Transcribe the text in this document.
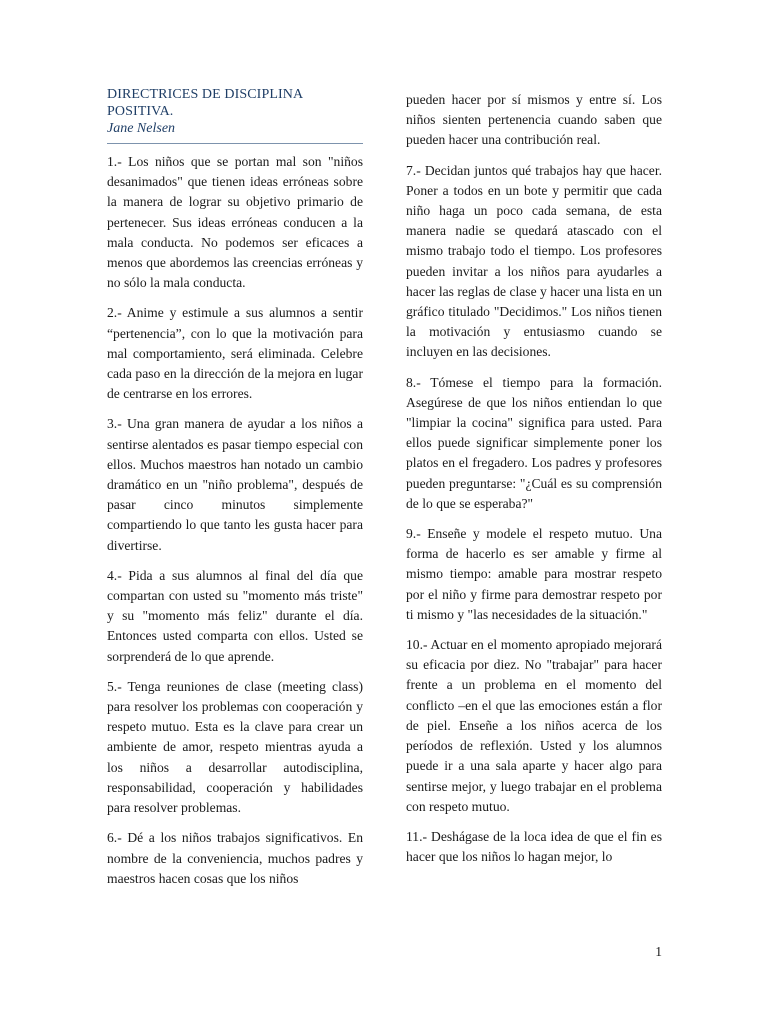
DIRECTRICES DE DISCIPLINA POSITIVA.
Jane Nelsen

1.- Los niños que se portan mal son "niños desanimados" que tienen ideas erróneas sobre la manera de lograr su objetivo primario de pertenecer. Sus ideas erróneas conducen a la mala conducta. No podemos ser eficaces a menos que abordemos las creencias erróneas y no sólo la mala conducta.

2.- Anime y estimule a sus alumnos a sentir “pertenencia”, con lo que la motivación para mal comportamiento, será eliminada. Celebre cada paso en la dirección de la mejora en lugar de centrarse en los errores.

3.- Una gran manera de ayudar a los niños a sentirse alentados es pasar tiempo especial con ellos. Muchos maestros han notado un cambio dramático en un "niño problema", después de pasar cinco minutos simplemente compartiendo lo que tanto les gusta hacer para divertirse.

4.- Pida a sus alumnos al final del día que compartan con usted su "momento más triste" y su "momento más feliz" durante el día. Entonces usted comparta con ellos. Usted se sorprenderá de lo que aprende.

5.- Tenga reuniones de clase (meeting class) para resolver los problemas con cooperación y respeto mutuo. Esta es la clave para crear un ambiente de amor, respeto mientras ayuda a los niños a desarrollar autodisciplina, responsabilidad, cooperación y habilidades para resolver problemas.

6.- Dé a los niños trabajos significativos. En nombre de la conveniencia, muchos padres y maestros hacen cosas que los niños

pueden hacer por sí mismos y entre sí. Los niños sienten pertenencia cuando saben que pueden hacer una contribución real.

7.- Decidan juntos qué trabajos hay que hacer. Poner a todos en un bote y permitir que cada niño haga un poco cada semana, de esta manera nadie se quedará atascado con el mismo trabajo todo el tiempo. Los profesores pueden invitar a los niños para ayudarles a hacer las reglas de clase y hacer una lista en un gráfico titulado "Decidimos." Los niños tienen la motivación y entusiasmo cuando se incluyen en las decisiones.

8.- Tómese el tiempo para la formación. Asegúrese de que los niños entiendan lo que "limpiar la cocina" significa para usted. Para ellos puede significar simplemente poner los platos en el fregadero. Los padres y profesores pueden preguntarse: "¿Cuál es su comprensión de lo que se esperaba?"

9.- Enseñe y modele el respeto mutuo. Una forma de hacerlo es ser amable y firme al mismo tiempo: amable para mostrar respeto por el niño y firme para demostrar respeto por ti mismo y "las necesidades de la situación."

10.- Actuar en el momento apropiado mejorará su eficacia por diez. No "trabajar" para hacer frente a un problema en el momento del conflicto –en el que las emociones están a flor de piel. Enseñe a los niños acerca de los períodos de reflexión. Usted y los alumnos puede ir a una sala aparte y hacer algo para sentirse mejor, y luego trabajar en el problema con respeto mutuo.

11.- Deshágase de la loca idea de que el fin es hacer que los niños lo hagan mejor, lo

1
